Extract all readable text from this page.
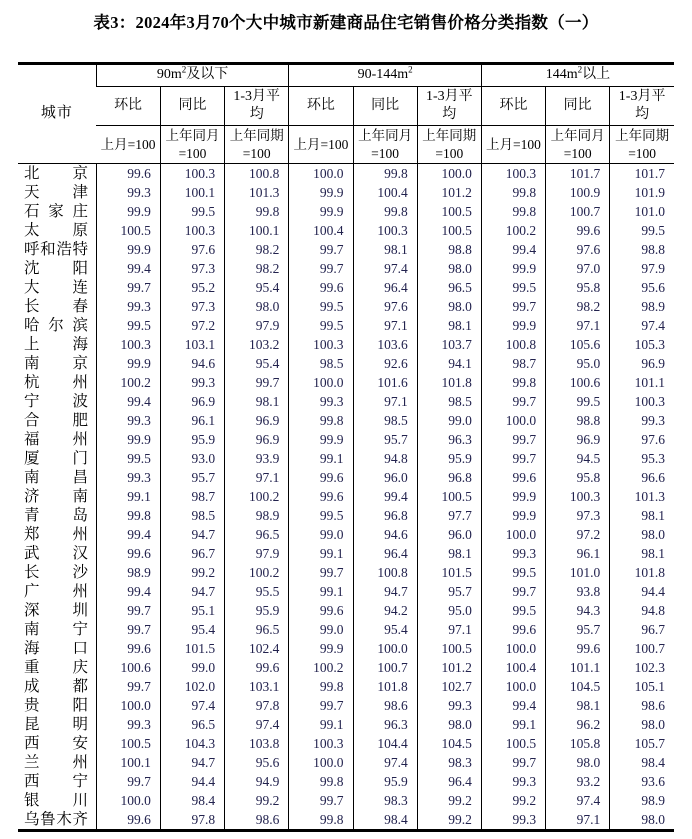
表3：2024年3月70个大中城市新建商品住宅销售价格分类指数（一）
城市	$90m^2$及以下			$90-144m^2$			$144m^2$以上		
	环比	同比	1-3月平均	环比	同比	1-3月平均	环比	同比	1-3月平均
	上月=100	上年同月=100	上年同期=100	上月=100	上年同月=100	上年同期=100	上月=100	上年同月=100	上年同期=100
北京	99.6	100.3	100.8	100.0	99.8	100.0	100.3	101.7	101.7
天津	99.3	100.1	101.3	99.9	100.4	101.2	99.8	100.9	101.9
石家庄	99.9	99.5	99.8	99.9	99.8	100.5	99.8	100.7	101.0
太原	100.5	100.3	100.1	100.4	100.3	100.5	100.2	99.6	99.5
呼和浩特	99.9	97.6	98.2	99.7	98.1	98.8	99.4	97.6	98.8
沈阳	99.4	97.3	98.2	99.7	97.4	98.0	99.9	97.0	97.9
大连	99.7	95.2	95.4	99.6	96.4	96.5	99.5	95.8	95.6
长春	99.3	97.3	98.0	99.5	97.6	98.0	99.7	98.2	98.9
哈尔滨	99.5	97.2	97.9	99.5	97.1	98.1	99.9	97.1	97.4
上海	100.3	103.1	103.2	100.3	103.6	103.7	100.8	105.6	105.3
南京	99.9	94.6	95.4	98.5	92.6	94.1	98.7	95.0	96.9
杭州	100.2	99.3	99.7	100.0	101.6	101.8	99.8	100.6	101.1
宁波	99.4	96.9	98.1	99.3	97.1	98.5	99.7	99.5	100.3
合肥	99.3	96.1	96.9	99.8	98.5	99.0	100.0	98.8	99.3
福州	99.9	95.9	96.9	99.9	95.7	96.3	99.7	96.9	97.6
厦门	99.5	93.0	93.9	99.1	94.8	95.9	99.7	94.5	95.3
南昌	99.3	95.7	97.1	99.6	96.0	96.8	99.6	95.8	96.6
济南	99.1	98.7	100.2	99.6	99.4	100.5	99.9	100.3	101.3
青岛	99.8	98.5	98.9	99.5	96.8	97.7	99.9	97.3	98.1
郑州	99.4	94.7	96.5	99.0	94.6	96.0	100.0	97.2	98.0
武汉	99.6	96.7	97.9	99.1	96.4	98.1	99.3	96.1	98.1
长沙	98.9	99.2	100.2	99.7	100.8	101.5	99.5	101.0	101.8
广州	99.4	94.7	95.5	99.1	94.7	95.7	99.7	93.8	94.4
深圳	99.7	95.1	95.9	99.6	94.2	95.0	99.5	94.3	94.8
南宁	99.7	95.4	96.5	99.0	95.4	97.1	99.6	95.7	96.7
海口	99.6	101.5	102.4	99.9	100.0	100.5	100.0	99.6	100.7
重庆	100.6	99.0	99.6	100.2	100.7	101.2	100.4	101.1	102.3
成都	99.7	102.0	103.1	99.8	101.8	102.7	100.0	104.5	105.1
贵阳	100.0	97.4	97.8	99.7	98.6	99.3	99.4	98.1	98.6
昆明	99.3	96.5	97.4	99.1	96.3	98.0	99.1	96.2	98.0
西安	100.5	104.3	103.8	100.3	104.4	104.5	100.5	105.8	105.7
兰州	100.1	94.7	95.6	100.0	97.4	98.3	99.7	98.0	98.4
西宁	99.7	94.4	94.9	99.8	95.9	96.4	99.3	93.2	93.6
银川	100.0	98.4	99.2	99.7	98.3	99.2	99.2	97.4	98.9
乌鲁木齐	99.6	97.8	98.6	99.8	98.4	99.2	99.3	97.1	98.0
